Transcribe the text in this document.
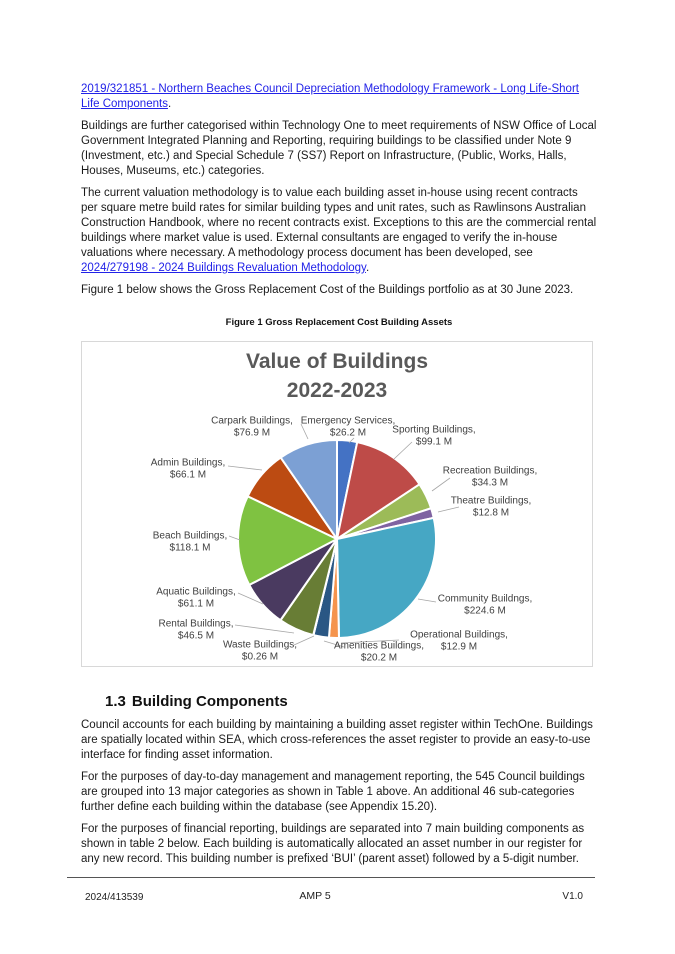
2019/321851 - Northern Beaches Council Depreciation Methodology Framework - Long Life-Short Life Components.

Buildings are further categorised within Technology One to meet requirements of NSW Office of Local Government Integrated Planning and Reporting, requiring buildings to be classified under Note 9 (Investment, etc.) and Special Schedule 7 (SS7) Report on Infrastructure, (Public, Works, Halls, Houses, Museums, etc.) categories.

The current valuation methodology is to value each building asset in-house using recent contracts per square metre build rates for similar building types and unit rates, such as Rawlinsons Australian Construction Handbook, where no recent contracts exist. Exceptions to this are the commercial rental buildings where market value is used. External consultants are engaged to verify the in-house valuations where necessary. A methodology process document has been developed, see 2024/279198 - 2024 Buildings Revaluation Methodology.

Figure 1 below shows the Gross Replacement Cost of the Buildings portfolio as at 30 June 2023.

Figure 1 Gross Replacement Cost Building Assets

Value of Buildings
2022-2023
Emergency Services,
$26.2 M	Sporting Buildings,
$99.1 M
Recreation Buildings,
$34.3 M
Theatre Buildings,
$12.8 M
Community Buildngs,
$224.6 M
Operational Buildings,
$12.9 M
Amenities Buildings,
$20.2 M
Waste Buildings,
$0.26 M
Rental Buildings,
$46.5 M
Aquatic Buildings,
$61.1 M
Beach Buildings,
$118.1 M
Admin Buildings,
$66.1 M
Carpark Buildings,
$76.9 M
1.3 Building Components

Council accounts for each building by maintaining a building asset register within TechOne. Buildings are spatially located within SEA, which cross-references the asset register to provide an easy-to-use interface for finding asset information.

For the purposes of day-to-day management and management reporting, the 545 Council buildings are grouped into 13 major categories as shown in Table 1 above. An additional 46 sub-categories further define each building within the database (see Appendix 15.20).

For the purposes of financial reporting, buildings are separated into 7 main building components as shown in table 2 below. Each building is automatically allocated an asset number in our register for any new record. This building number is prefixed ‘BUI’ (parent asset) followed by a 5-digit number.

2024/413539	AMP 5	V1.0
